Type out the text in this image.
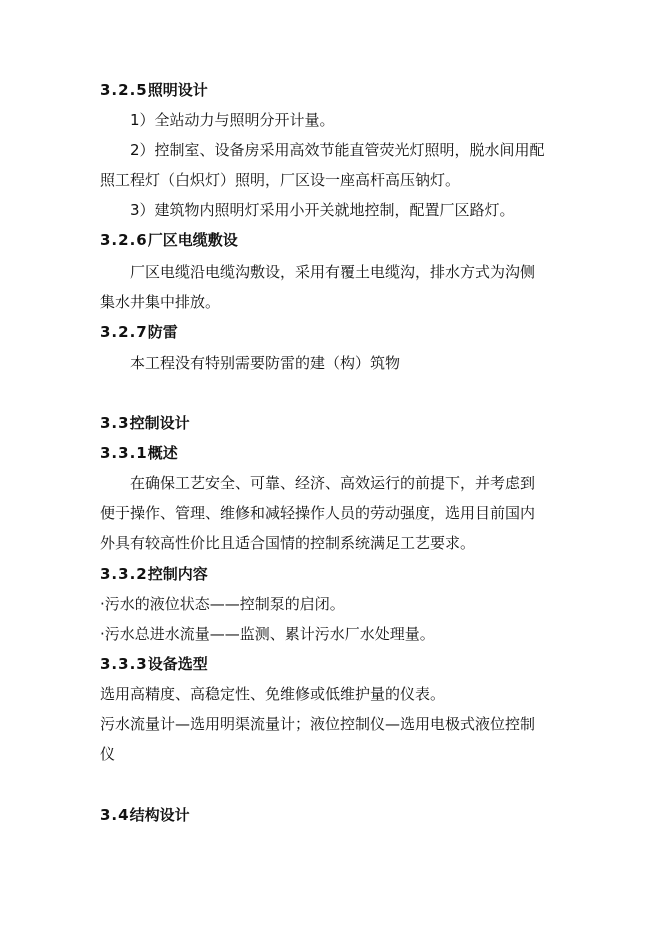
3.2.5照明设计
1）全站动力与照明分开计量。
2）控制室、设备房采用高效节能直管荧光灯照明，脱水间用配
照工程灯（白炽灯）照明，厂区设一座高杆高压钠灯。
3）建筑物内照明灯采用小开关就地控制，配置厂区路灯。
3.2.6厂区电缆敷设
厂区电缆沿电缆沟敷设，采用有覆土电缆沟，排水方式为沟侧
集水井集中排放。
3.2.7防雷
本工程没有特别需要防雷的建（构）筑物
3.3控制设计
3.3.1概述
在确保工艺安全、可靠、经济、高效运行的前提下，并考虑到
便于操作、管理、维修和减轻操作人员的劳动强度，选用目前国内
外具有较高性价比且适合国情的控制系统满足工艺要求。
3.3.2控制内容
·污水的液位状态——控制泵的启闭。
·污水总进水流量——监测、累计污水厂水处理量。
3.3.3设备选型
选用高精度、高稳定性、免维修或低维护量的仪表。
污水流量计—选用明渠流量计；液位控制仪—选用电极式液位控制
仪
3.4结构设计
